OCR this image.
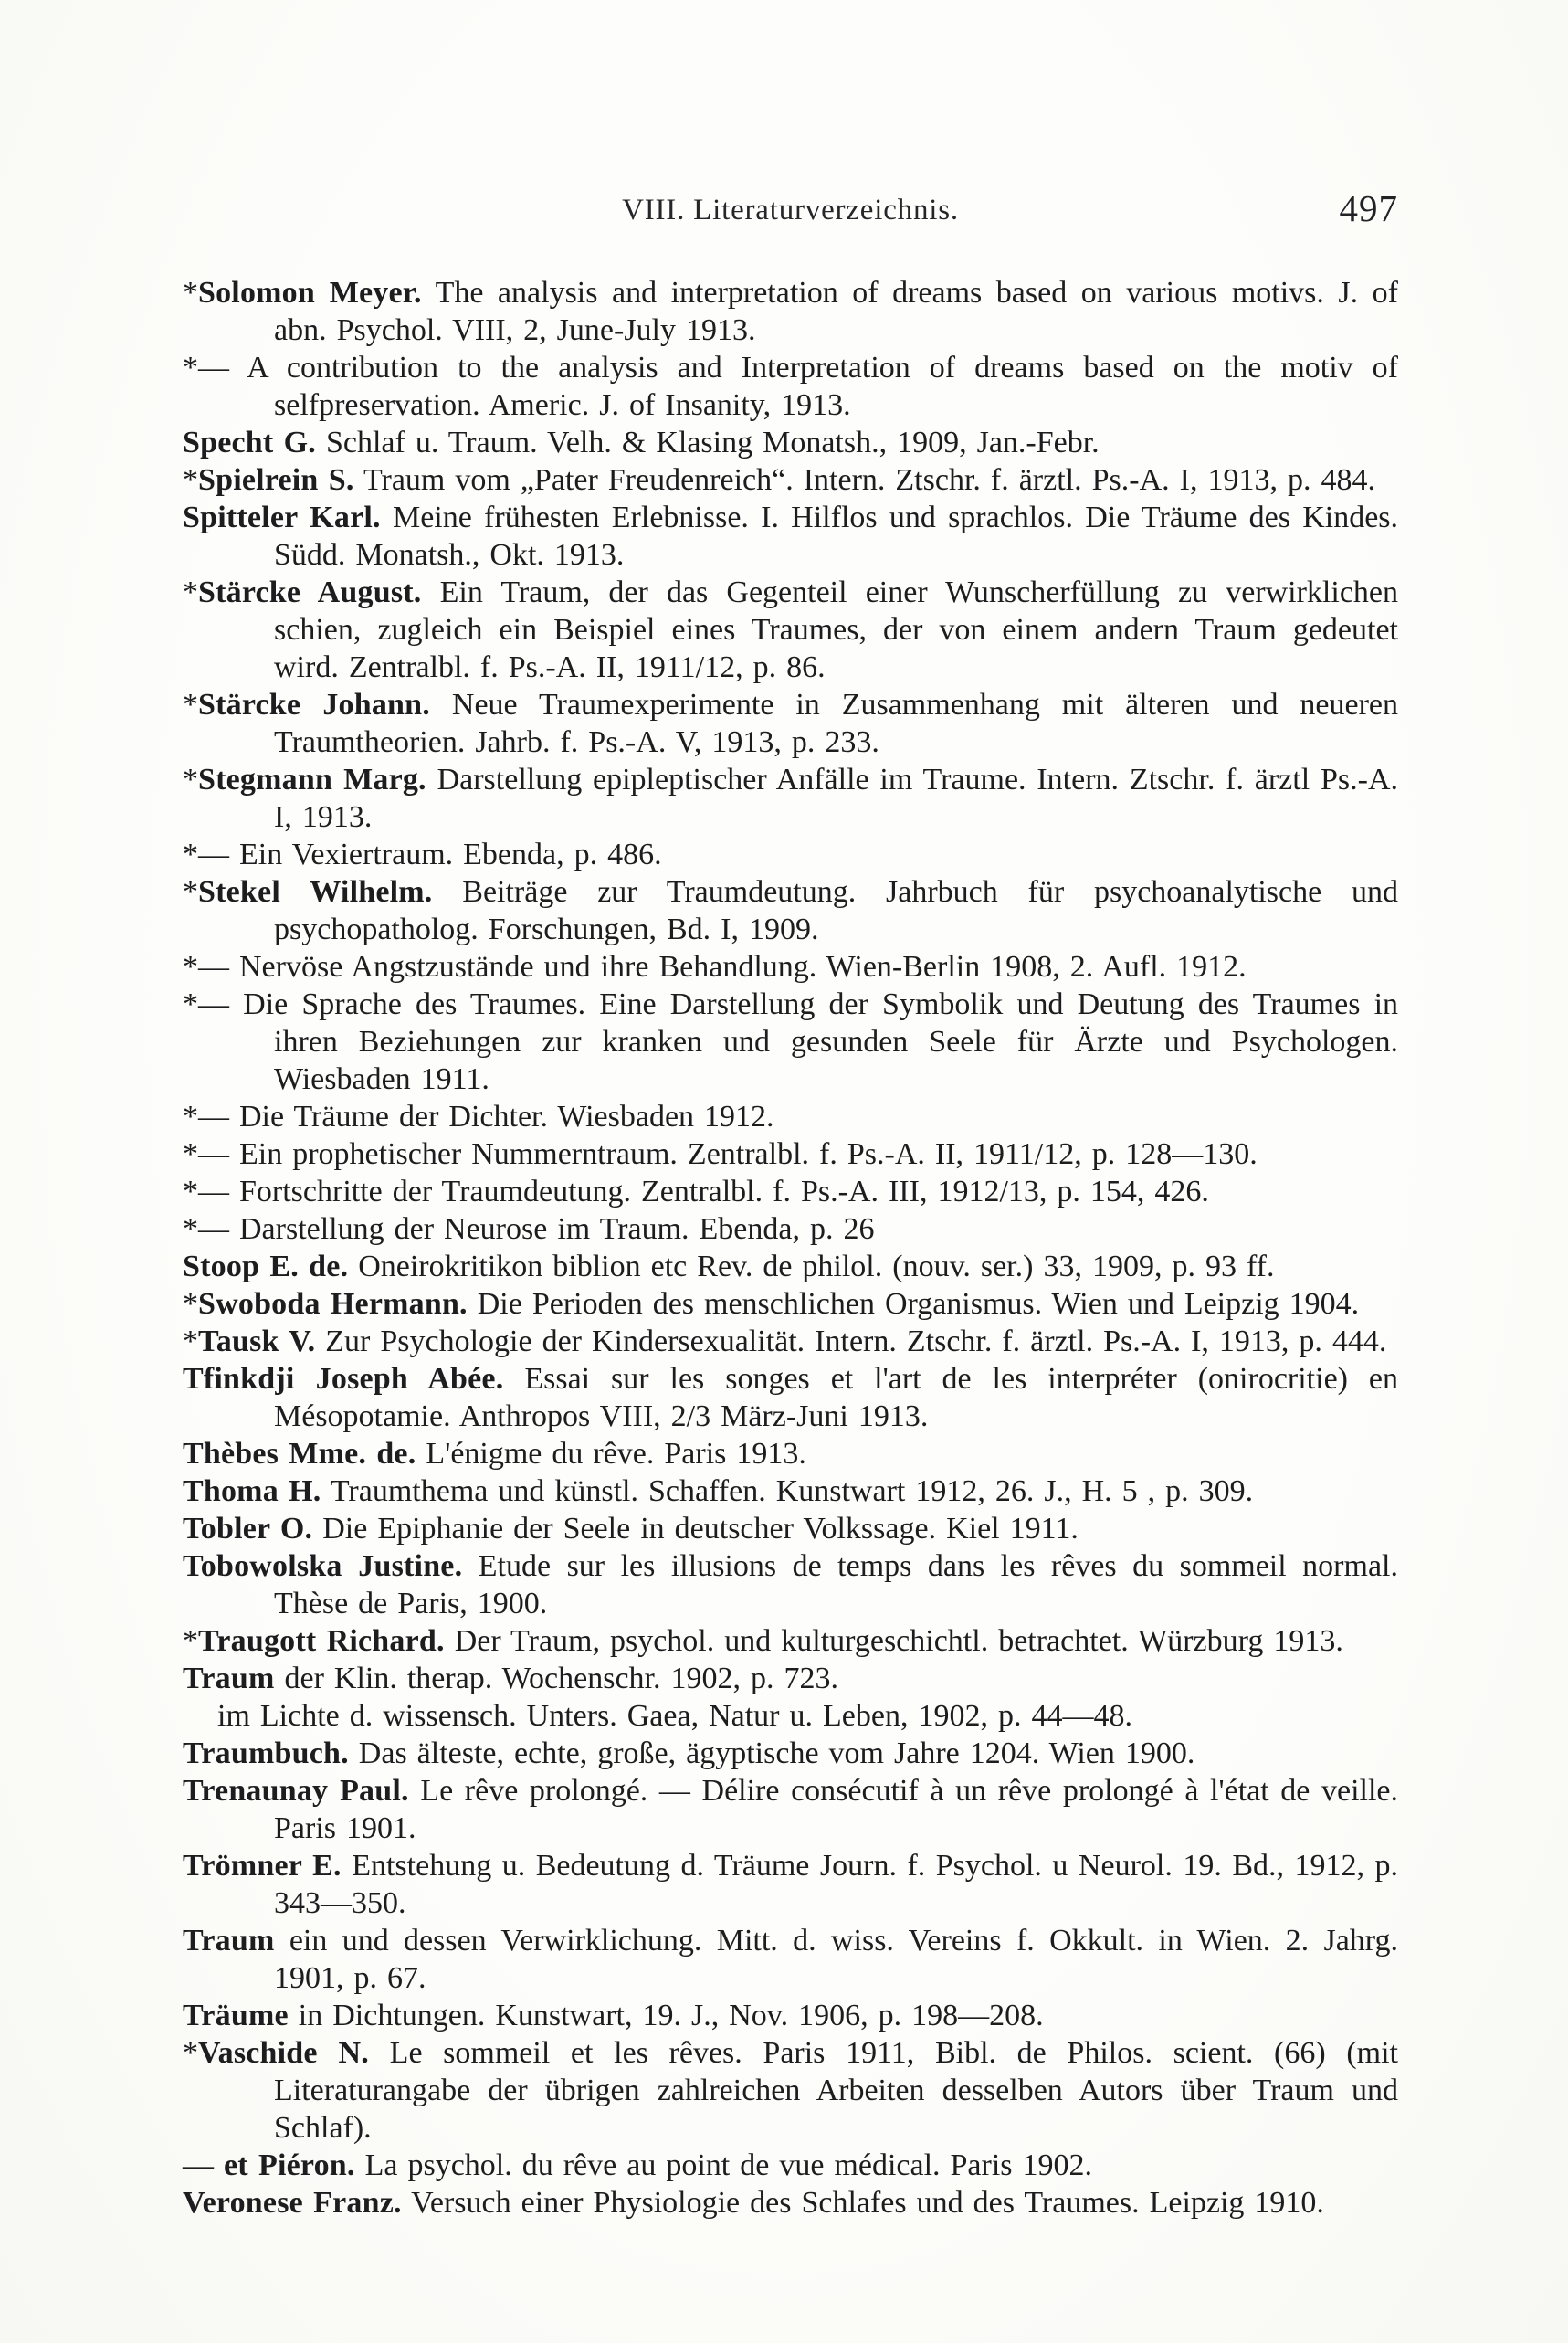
VIII. Literaturverzeichnis.	497

*Solomon Meyer. The analysis and interpretation of dreams based on various motivs. J. of abn. Psychol. VIII, 2, June-July 1913.

*— A contribution to the analysis and Interpretation of dreams based on the motiv of selfpreservation. Americ. J. of Insanity, 1913.

Specht G. Schlaf u. Traum. Velh. & Klasing Monatsh., 1909, Jan.-Febr.

*Spielrein S. Traum vom „Pater Freudenreich“. Intern. Ztschr. f. ärztl. Ps.-A. I, 1913, p. 484.

Spitteler Karl. Meine frühesten Erlebnisse. I. Hilflos und sprachlos. Die Träume des Kindes. Südd. Monatsh., Okt. 1913.

*Stärcke August. Ein Traum, der das Gegenteil einer Wunscherfüllung zu verwirklichen schien, zugleich ein Beispiel eines Traumes, der von einem andern Traum gedeutet wird. Zentralbl. f. Ps.-A. II, 1911/12, p. 86.

*Stärcke Johann. Neue Traumexperimente in Zusammenhang mit älteren und neueren Traumtheorien. Jahrb. f. Ps.-A. V, 1913, p. 233.

*Stegmann Marg. Darstellung epipleptischer Anfälle im Traume. Intern. Ztschr. f. ärztl Ps.-A. I, 1913.

*— Ein Vexiertraum. Ebenda, p. 486.

*Stekel Wilhelm. Beiträge zur Traumdeutung. Jahrbuch für psychoanalytische und psychopatholog. Forschungen, Bd. I, 1909.

*— Nervöse Angstzustände und ihre Behandlung. Wien-Berlin 1908, 2. Aufl. 1912.

*— Die Sprache des Traumes. Eine Darstellung der Symbolik und Deutung des Traumes in ihren Beziehungen zur kranken und gesunden Seele für Ärzte und Psychologen. Wiesbaden 1911.

*— Die Träume der Dichter. Wiesbaden 1912.

*— Ein prophetischer Nummerntraum. Zentralbl. f. Ps.-A. II, 1911/12, p. 128—130.

*— Fortschritte der Traumdeutung. Zentralbl. f. Ps.-A. III, 1912/13, p. 154, 426.

*— Darstellung der Neurose im Traum. Ebenda, p. 26

Stoop E. de. Oneirokritikon biblion etc Rev. de philol. (nouv. ser.) 33, 1909, p. 93 ff.

*Swoboda Hermann. Die Perioden des menschlichen Organismus. Wien und Leipzig 1904.

*Tausk V. Zur Psychologie der Kindersexualität. Intern. Ztschr. f. ärztl. Ps.-A. I, 1913, p. 444.

Tfinkdji Joseph Abée. Essai sur les songes et l'art de les interpréter (onirocritie) en Mésopotamie. Anthropos VIII, 2/3 März-Juni 1913.

Thèbes Mme. de. L'énigme du rêve. Paris 1913.

Thoma H. Traumthema und künstl. Schaffen. Kunstwart 1912, 26. J., H. 5 , p. 309.

Tobler O. Die Epiphanie der Seele in deutscher Volkssage. Kiel 1911.

Tobowolska Justine. Etude sur les illusions de temps dans les rêves du sommeil normal. Thèse de Paris, 1900.

*Traugott Richard. Der Traum, psychol. und kulturgeschichtl. betrachtet. Würzburg 1913.

Traum der Klin. therap. Wochenschr. 1902, p. 723.

im Lichte d. wissensch. Unters. Gaea, Natur u. Leben, 1902, p. 44—48.

Traumbuch. Das älteste, echte, große, ägyptische vom Jahre 1204. Wien 1900.

Trenaunay Paul. Le rêve prolongé. — Délire consécutif à un rêve prolongé à l'état de veille. Paris 1901.

Trömner E. Entstehung u. Bedeutung d. Träume Journ. f. Psychol. u Neurol. 19. Bd., 1912, p. 343—350.

Traum ein und dessen Verwirklichung. Mitt. d. wiss. Vereins f. Okkult. in Wien. 2. Jahrg. 1901, p. 67.

Träume in Dichtungen. Kunstwart, 19. J., Nov. 1906, p. 198—208.

*Vaschide N. Le sommeil et les rêves. Paris 1911, Bibl. de Philos. scient. (66) (mit Literaturangabe der übrigen zahlreichen Arbeiten desselben Autors über Traum und Schlaf).

— et Piéron. La psychol. du rêve au point de vue médical. Paris 1902.

Veronese Franz. Versuch einer Physiologie des Schlafes und des Traumes. Leipzig 1910.
